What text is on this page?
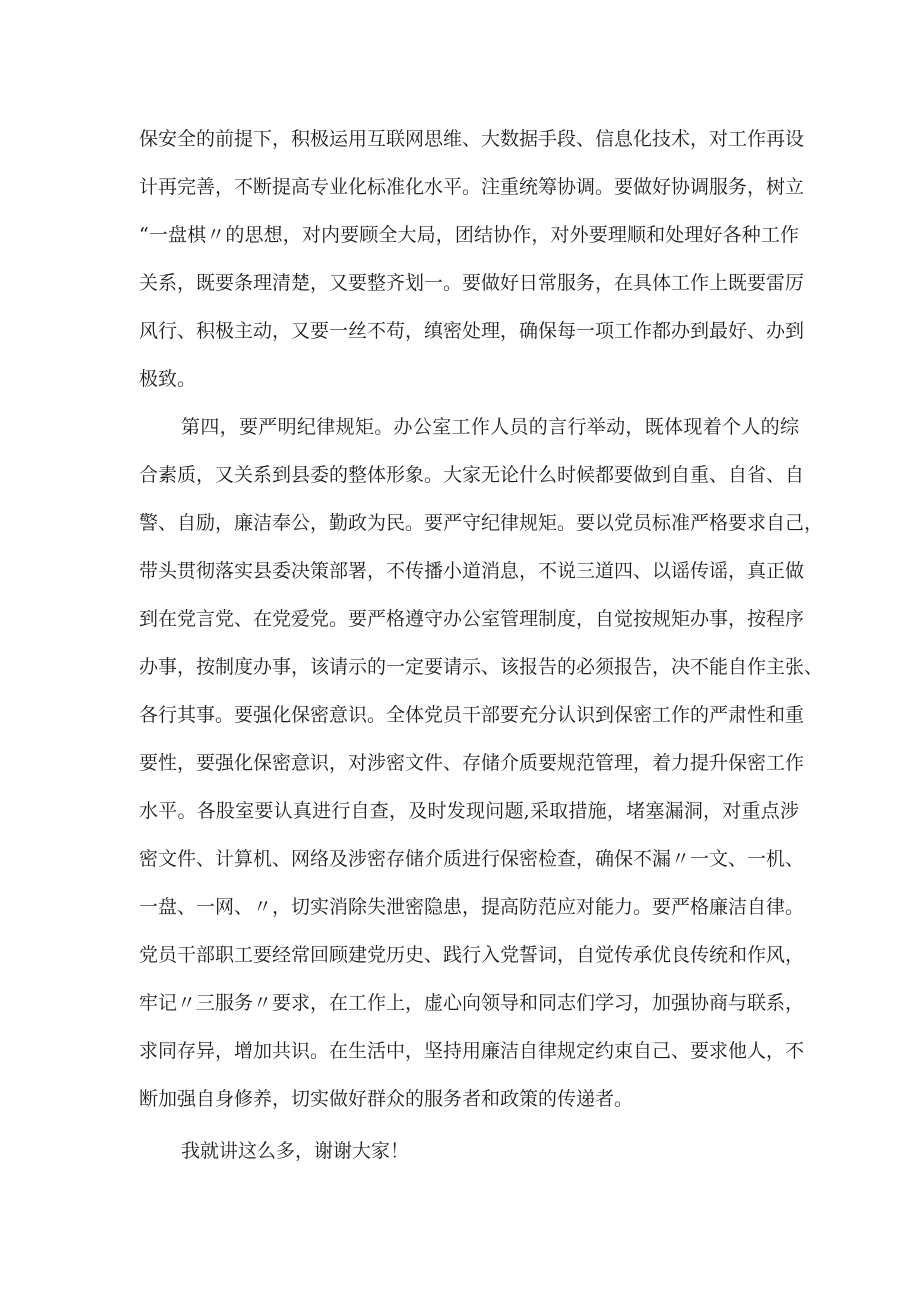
保安全的前提下，积极运用互联网思维、大数据手段、信息化技术，对工作再设

计再完善，不断提高专业化标准化水平。注重统筹协调。要做好协调服务，树立

“一盘棋〃的思想，对内要顾全大局，团结协作，对外要理顺和处理好各种工作

关系，既要条理清楚，又要整齐划一。要做好日常服务，在具体工作上既要雷厉

风行、积极主动，又要一丝不苟，缜密处理，确保每一项工作都办到最好、办到

极致。

第四，要严明纪律规矩。办公室工作人员的言行举动，既体现着个人的综

合素质，又关系到县委的整体形象。大家无论什么时候都要做到自重、自省、自

警、自励，廉洁奉公，勤政为民。要严守纪律规矩。要以党员标准严格要求自己，

带头贯彻落实县委决策部署，不传播小道消息，不说三道四、以谣传谣，真正做

到在党言党、在党爱党。要严格遵守办公室管理制度，自觉按规矩办事，按程序

办事，按制度办事，该请示的一定要请示、该报告的必须报告，决不能自作主张、

各行其事。要强化保密意识。全体党员干部要充分认识到保密工作的严肃性和重

要性，要强化保密意识，对涉密文件、存储介质要规范管理，着力提升保密工作

水平。各股室要认真进行自查，及时发现问题,采取措施，堵塞漏洞，对重点涉

密文件、计算机、网络及涉密存储介质进行保密检查，确保不漏〃一文、一机、

一盘、一网、〃，切实消除失泄密隐患，提高防范应对能力。要严格廉洁自律。

党员干部职工要经常回顾建党历史、践行入党誓词，自觉传承优良传统和作风，

牢记〃三服务〃要求，在工作上，虚心向领导和同志们学习，加强协商与联系，

求同存异，增加共识。在生活中，坚持用廉洁自律规定约束自己、要求他人，不

断加强自身修养，切实做好群众的服务者和政策的传递者。

我就讲这么多，谢谢大家！
